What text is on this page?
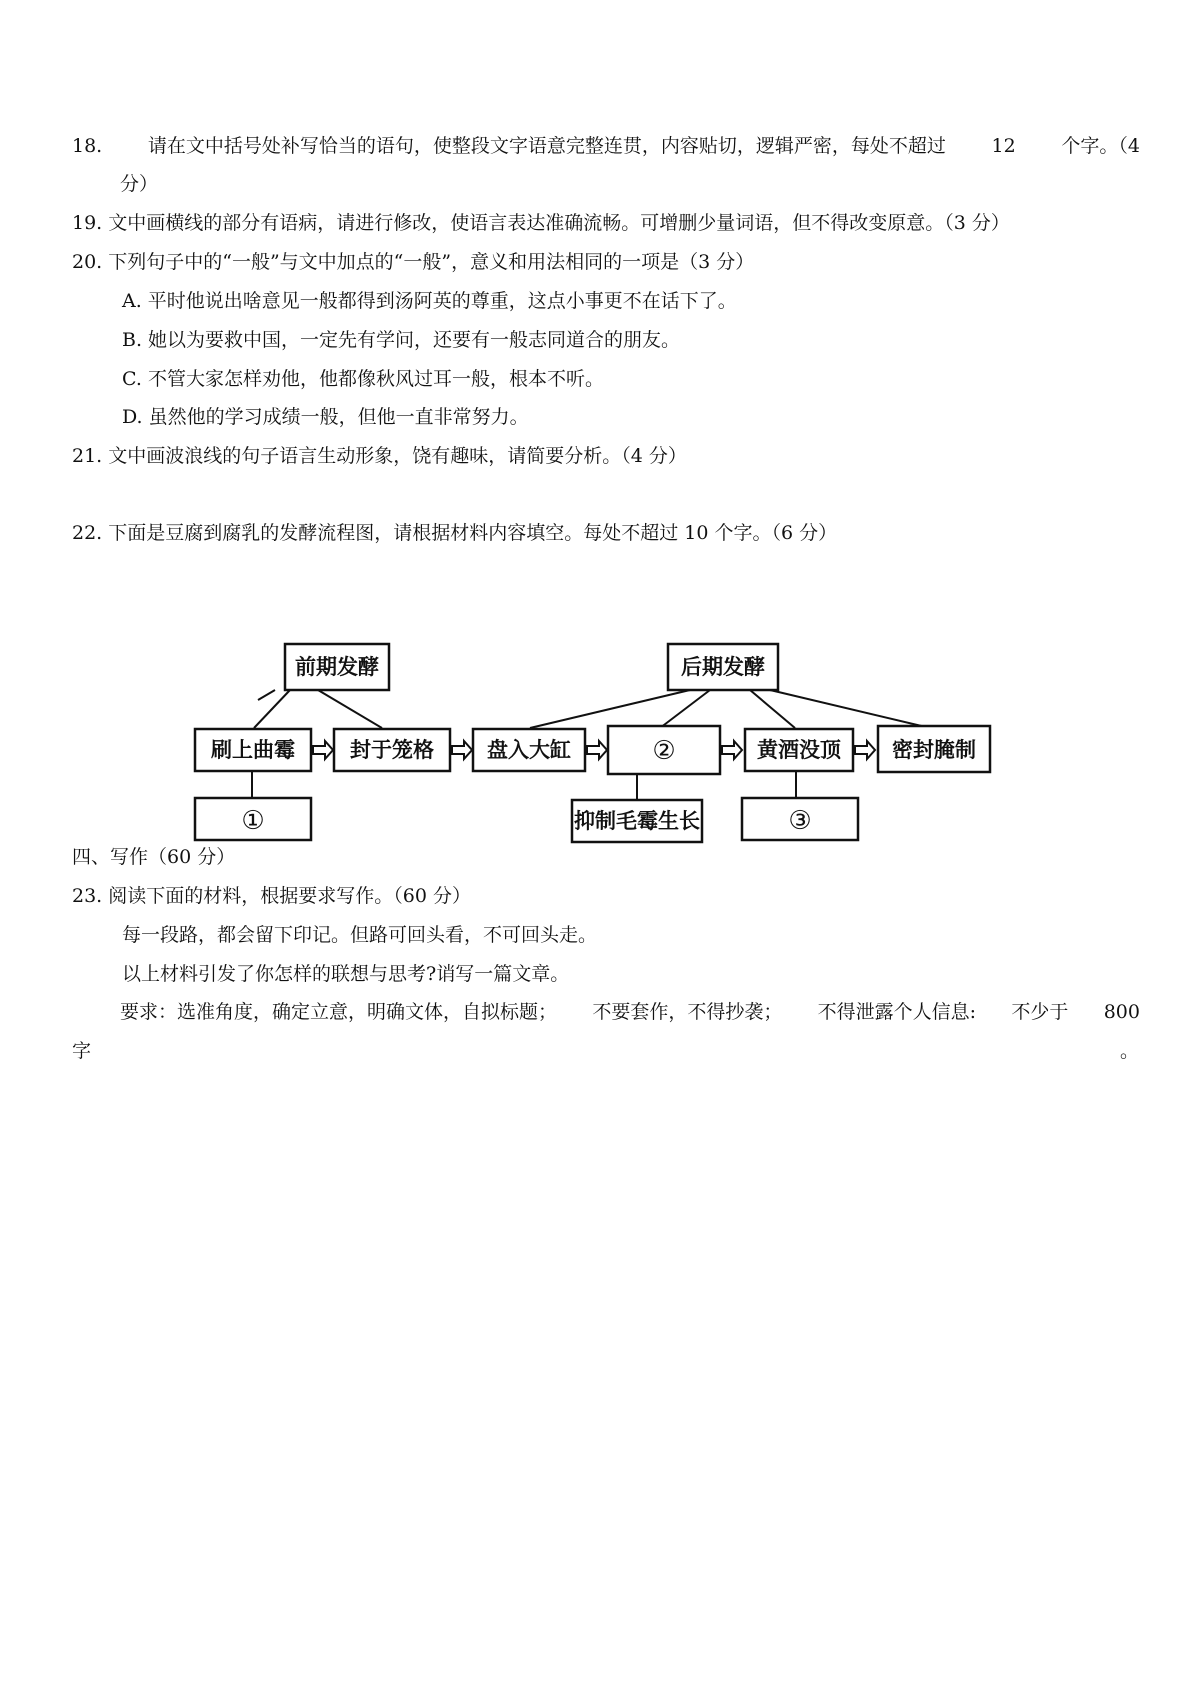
18. 请在文中括号处补写恰当的语句，使整段文字语意完整连贯，内容贴切，逻辑严密，每处不超过 12 个字。（4
分）
19. 文中画横线的部分有语病，请进行修改，使语言表达准确流畅。可增删少量词语，但不得改变原意。（3 分）
20. 下列句子中的“一般”与文中加点的“一般”，意义和用法相同的一项是（3 分）
A. 平时他说出啥意见一般都得到汤阿英的尊重，这点小事更不在话下了。
B. 她以为要救中国，一定先有学问，还要有一般志同道合的朋友。
C. 不管大家怎样劝他，他都像秋风过耳一般，根本不听。
D. 虽然他的学习成绩一般，但他一直非常努力。
21. 文中画波浪线的句子语言生动形象，饶有趣味，请简要分析。（4 分）
22. 下面是豆腐到腐乳的发酵流程图，请根据材料内容填空。每处不超过 10 个字。（6 分）
前期发酵	后期发酵
刷上曲霉	封于笼格	盘入大缸	②	黄酒没顶 密封腌制
①	抑制毛霉生长	③
四、写作（60 分）
23. 阅读下面的材料，根据要求写作。（60 分）
每一段路，都会留下印记。但路可回头看，不可回头走。
以上材料引发了你怎样的联想与思考?诮写一篇文章。
要求：选准角度，确定立意，明确文体，自拟标题； 不要套作，不得抄袭； 不得泄露个人信息: 不少于 800
字	。
